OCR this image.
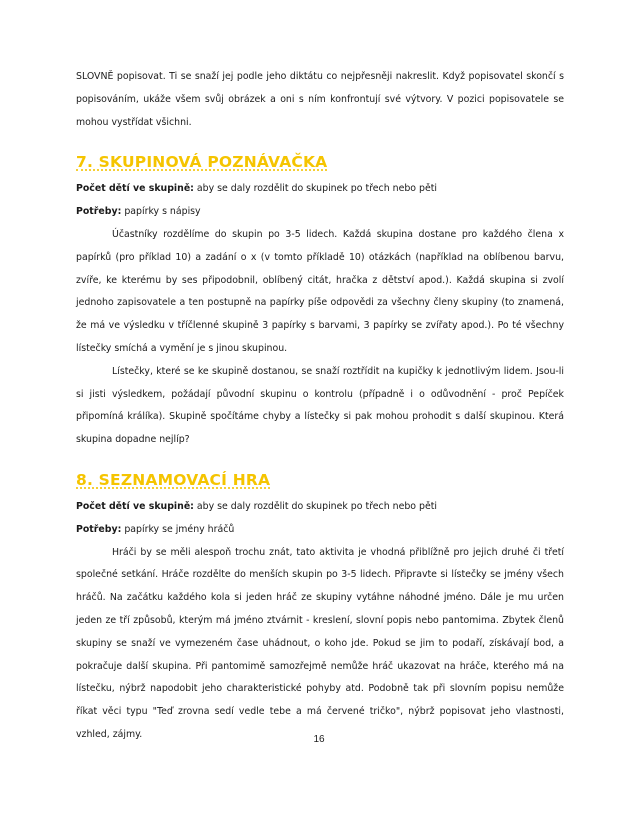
SLOVNĚ popisovat. Ti se snaží jej podle jeho diktátu co nejpřesněji nakreslit. Když popisovatel skončí s popisováním, ukáže všem svůj obrázek a oni s ním konfrontují své výtvory. V pozici popisovatele se mohou vystřídat všichni.

7. SKUPINOVÁ POZNÁVAČKA

Počet dětí ve skupině: aby se daly rozdělit do skupinek po třech nebo pěti

Potřeby: papírky s nápisy

Účastníky rozdělíme do skupin po 3-5 lidech. Každá skupina dostane pro každého člena x papírků (pro příklad 10) a zadání o x (v tomto příkladě 10) otázkách (například na oblíbenou barvu, zvíře, ke kterému by ses připodobnil, oblíbený citát, hračka z dětství apod.). Každá skupina si zvolí jednoho zapisovatele a ten postupně na papírky píše odpovědi za všechny členy skupiny (to znamená, že má ve výsledku v tříčlenné skupině 3 papírky s barvami, 3 papírky se zvířaty apod.). Po té všechny lístečky smíchá a vymění je s jinou skupinou.

Lístečky, které se ke skupině dostanou, se snaží roztřídit na kupičky k jednotlivým lidem. Jsou-li si jisti výsledkem, požádají původní skupinu o kontrolu (případně i o odůvodnění - proč Pepíček připomíná králíka). Skupině spočítáme chyby a lístečky si pak mohou prohodit s další skupinou. Která skupina dopadne nejlíp?

8. SEZNAMOVACÍ HRA

Počet dětí ve skupině: aby se daly rozdělit do skupinek po třech nebo pěti

Potřeby: papírky se jmény hráčů

Hráči by se měli alespoň trochu znát, tato aktivita je vhodná přiblížně pro jejich druhé či třetí společné setkání. Hráče rozdělte do menších skupin po 3-5 lidech. Připravte si lístečky se jmény všech hráčů. Na začátku každého kola si jeden hráč ze skupiny vytáhne náhodné jméno. Dále je mu určen jeden ze tří způsobů, kterým má jméno ztvárnit - kreslení, slovní popis nebo pantomima. Zbytek členů skupiny se snaží ve vymezeném čase uhádnout, o koho jde. Pokud se jim to podaří, získávají bod, a pokračuje další skupina. Při pantomimě samozřejmě nemůže hráč ukazovat na hráče, kterého má na lístečku, nýbrž napodobit jeho charakteristické pohyby atd. Podobně tak při slovním popisu nemůže říkat věci typu "Teď zrovna sedí vedle tebe a má červené tričko", nýbrž popisovat jeho vlastnosti, vzhled, zájmy.	16
